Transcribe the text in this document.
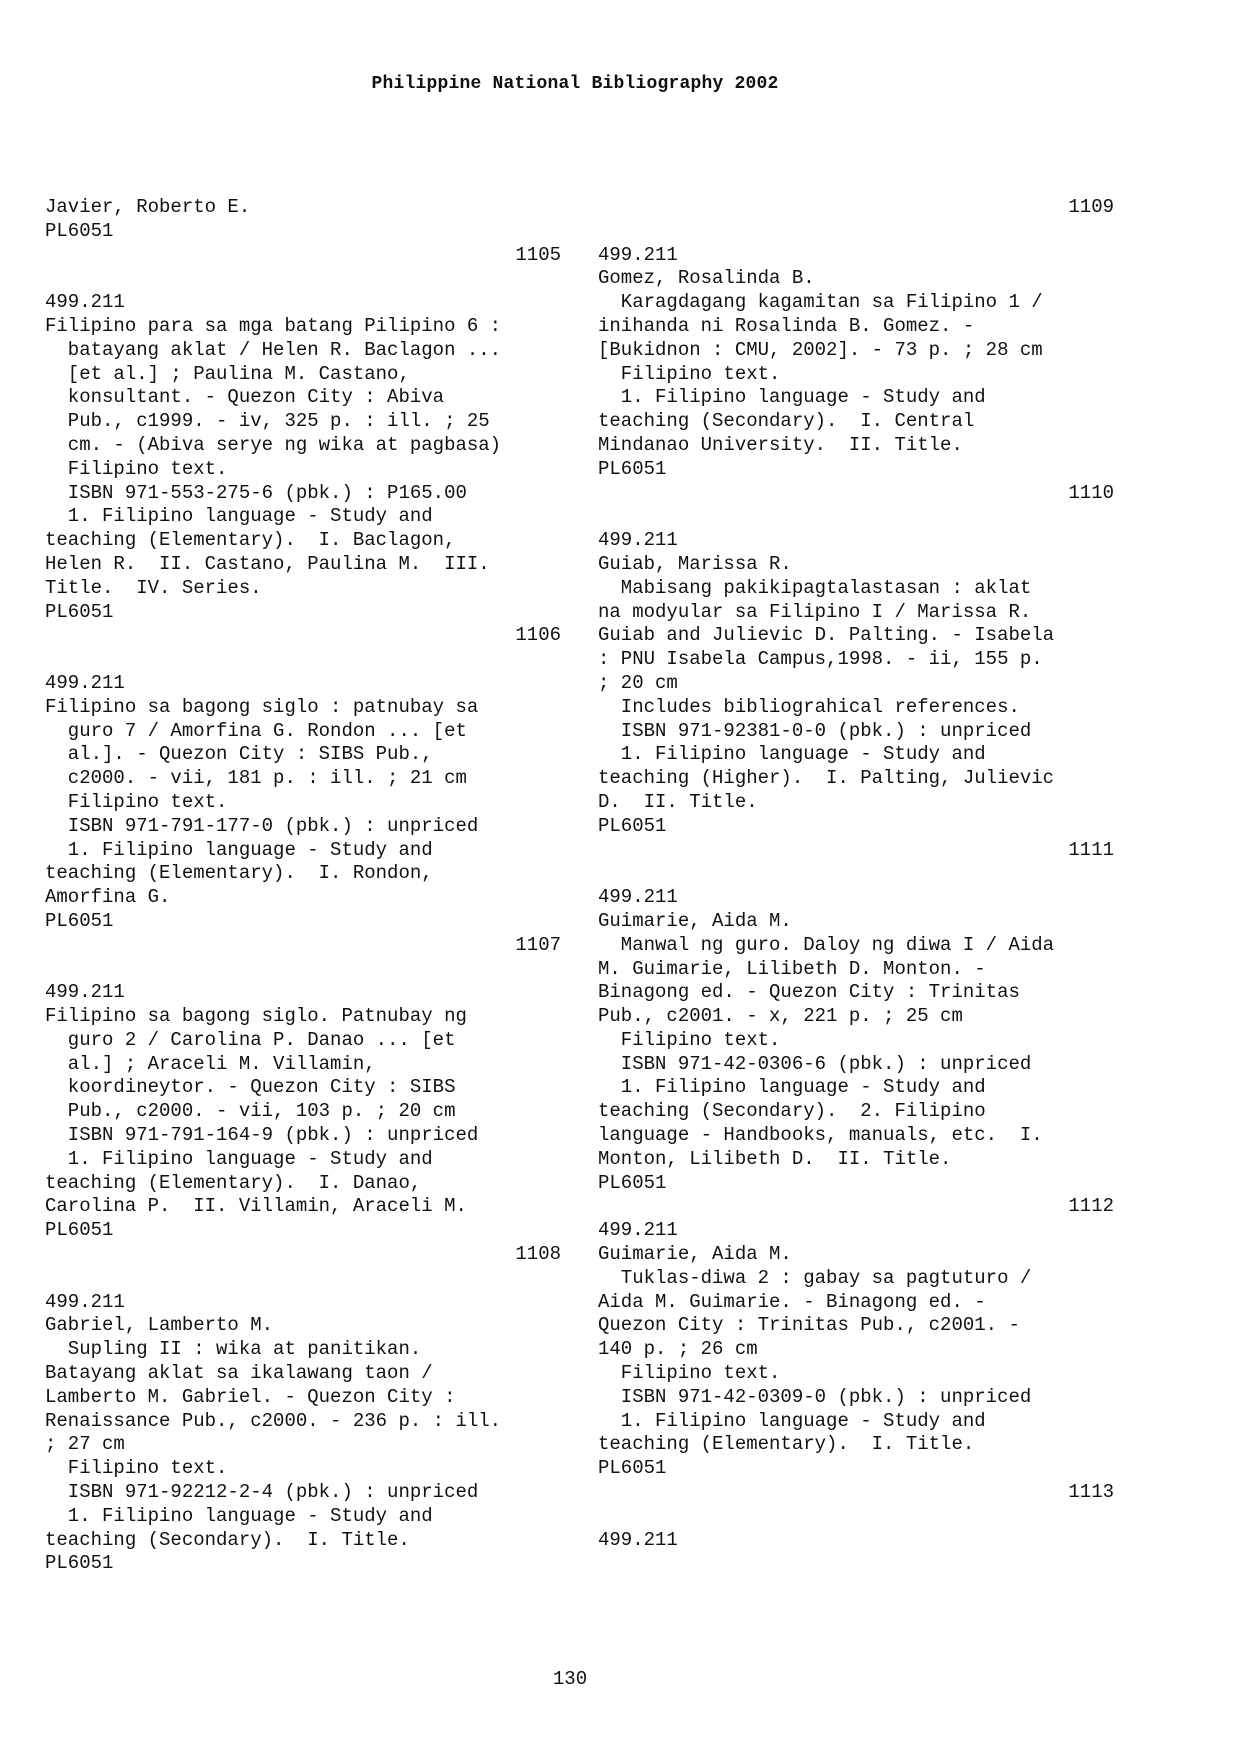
Philippine National Bibliography 2002
Javier, Roberto E.
PL6051
1105
499.211
Filipino para sa mga batang Pilipino 6 :
batayang aklat / Helen R. Baclagon ...
[et al.] ; Paulina M. Castano,
konsultant. - Quezon City : Abiva
Pub., c1999. - iv, 325 p. : ill. ; 25
cm. - (Abiva serye ng wika at pagbasa)
Filipino text.
ISBN 971-553-275-6 (pbk.) : P165.00
1. Filipino language - Study and
teaching (Elementary).  I. Baclagon,
Helen R.  II. Castano, Paulina M.  III.
Title.  IV. Series.
PL6051
1106
499.211
Filipino sa bagong siglo : patnubay sa
guro 7 / Amorfina G. Rondon ... [et
al.]. - Quezon City : SIBS Pub.,
c2000. - vii, 181 p. : ill. ; 21 cm
Filipino text.
ISBN 971-791-177-0 (pbk.) : unpriced
1. Filipino language - Study and
teaching (Elementary).  I. Rondon,
Amorfina G.
PL6051
1107
499.211
Filipino sa bagong siglo. Patnubay ng
guro 2 / Carolina P. Danao ... [et
al.] ; Araceli M. Villamin,
koordineytor. - Quezon City : SIBS
Pub., c2000. - vii, 103 p. ; 20 cm
ISBN 971-791-164-9 (pbk.) : unpriced
1. Filipino language - Study and
teaching (Elementary).  I. Danao,
Carolina P.  II. Villamin, Araceli M.
PL6051
1108
499.211
Gabriel, Lamberto M.
Supling II : wika at panitikan.
Batayang aklat sa ikalawang taon /
Lamberto M. Gabriel. - Quezon City :
Renaissance Pub., c2000. - 236 p. : ill.
; 27 cm
Filipino text.
ISBN 971-92212-2-4 (pbk.) : unpriced
1. Filipino language - Study and
teaching (Secondary).  I. Title.
PL6051
1109
499.211
Gomez, Rosalinda B.
Karagdagang kagamitan sa Filipino 1 /
inihanda ni Rosalinda B. Gomez. -
[Bukidnon : CMU, 2002]. - 73 p. ; 28 cm
Filipino text.
1. Filipino language - Study and
teaching (Secondary).  I. Central
Mindanao University.  II. Title.
PL6051
1110
499.211
Guiab, Marissa R.
Mabisang pakikipagtalastasan : aklat
na modyular sa Filipino I / Marissa R.
Guiab and Julievic D. Palting. - Isabela
: PNU Isabela Campus,1998. - ii, 155 p.
; 20 cm
Includes bibliograhical references.
ISBN 971-92381-0-0 (pbk.) : unpriced
1. Filipino language - Study and
teaching (Higher).  I. Palting, Julievic
D.  II. Title.
PL6051
1111
499.211
Guimarie, Aida M.
Manwal ng guro. Daloy ng diwa I / Aida
M. Guimarie, Lilibeth D. Monton. -
Binagong ed. - Quezon City : Trinitas
Pub., c2001. - x, 221 p. ; 25 cm
Filipino text.
ISBN 971-42-0306-6 (pbk.) : unpriced
1. Filipino language - Study and
teaching (Secondary).  2. Filipino
language - Handbooks, manuals, etc.  I.
Monton, Lilibeth D.  II. Title.
PL6051
1112
499.211
Guimarie, Aida M.
Tuklas-diwa 2 : gabay sa pagtuturo /
Aida M. Guimarie. - Binagong ed. -
Quezon City : Trinitas Pub., c2001. -
140 p. ; 26 cm
Filipino text.
ISBN 971-42-0309-0 (pbk.) : unpriced
1. Filipino language - Study and
teaching (Elementary).  I. Title.
PL6051
1113
499.211
130
